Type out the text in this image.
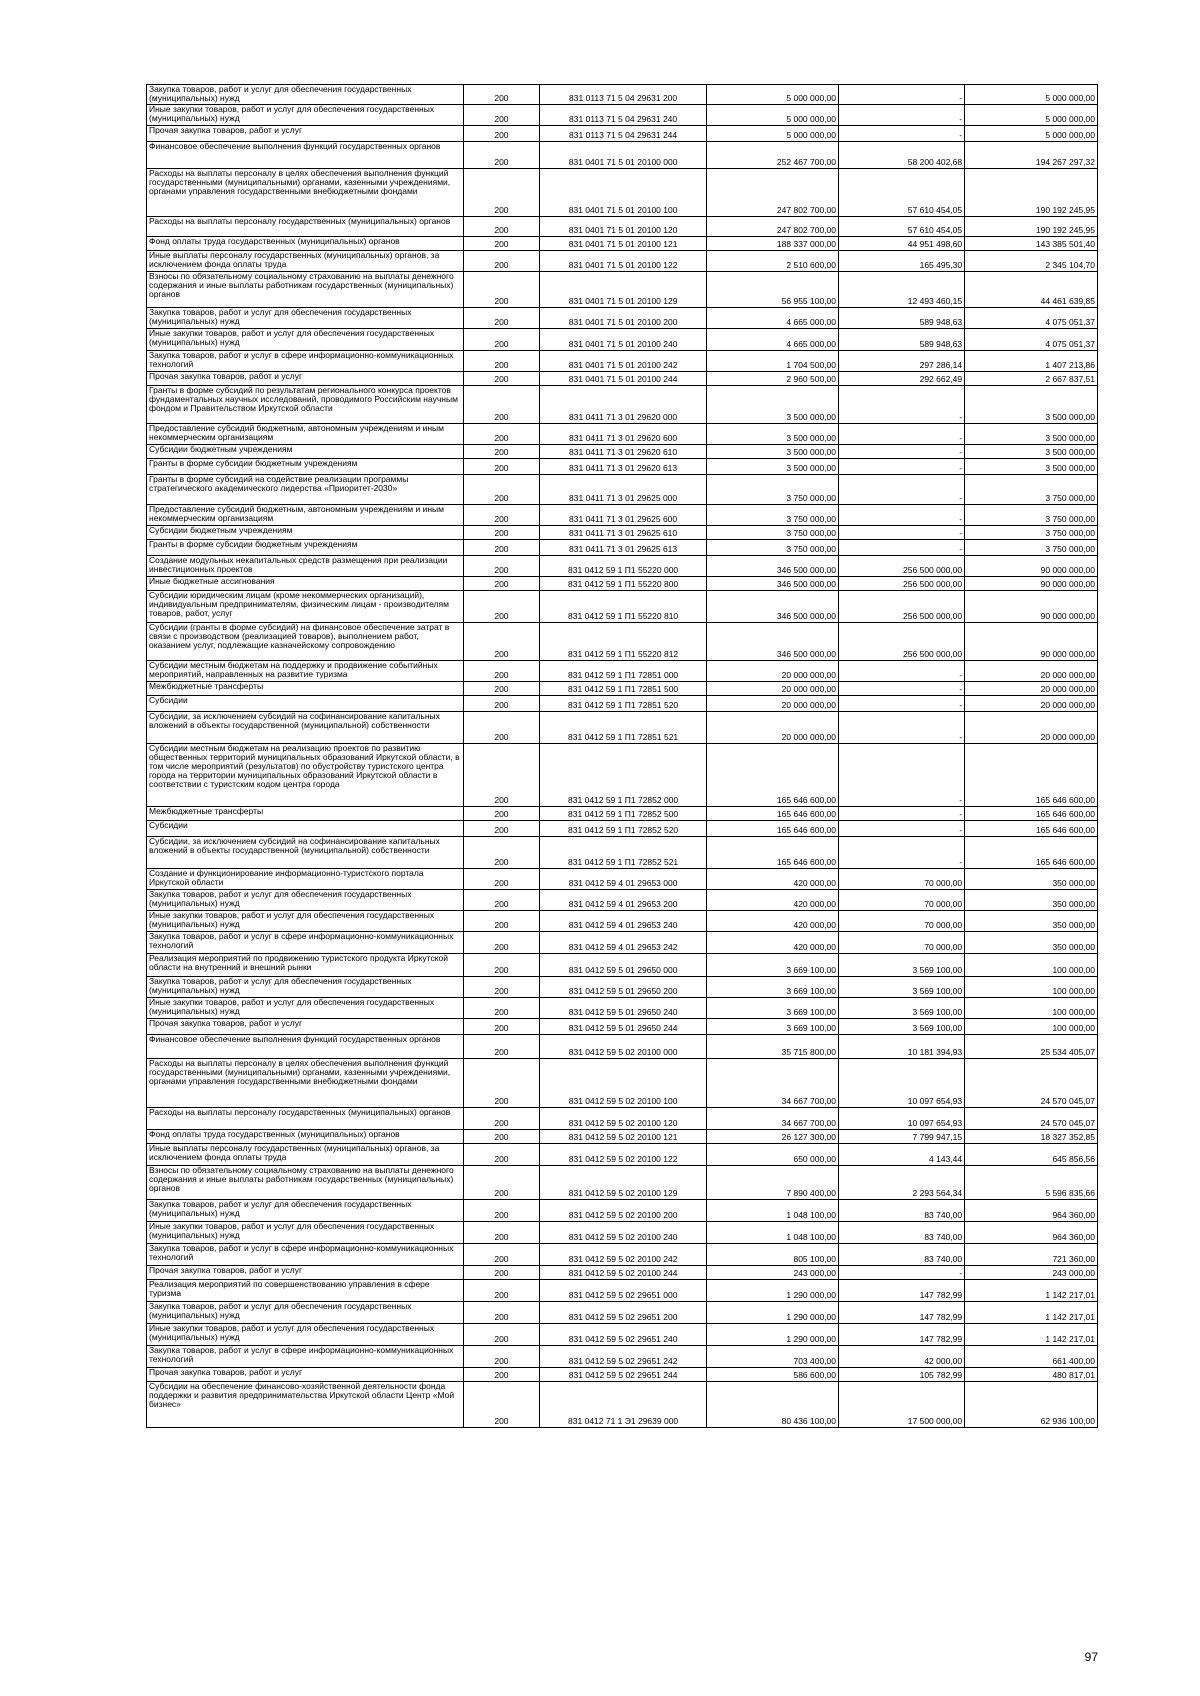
Закупка товаров, работ и услуг для обеспечения государственных (муниципальных) нужд	200	831 0113 71 5 04 29631 200	5 000 000,00	-	5 000 000,00
Иные закупки товаров, работ и услуг для обеспечения государственных (муниципальных) нужд	200	831 0113 71 5 04 29631 240	5 000 000,00	-	5 000 000,00
Прочая закупка товаров, работ и услуг	200	831 0113 71 5 04 29631 244	5 000 000,00	-	5 000 000,00
Финансовое обеспечение выполнения функций государственных органов	200	831 0401 71 5 01 20100 000	252 467 700,00	58 200 402,68	194 267 297,32
Расходы на выплаты персоналу в целях обеспечения выполнения функций государственными (муниципальными) органами, казенными учреждениями, органами управления государственными внебюджетными фондами	200	831 0401 71 5 01 20100 100	247 802 700,00	57 610 454,05	190 192 245,95
Расходы на выплаты персоналу государственных (муниципальных) органов	200	831 0401 71 5 01 20100 120	247 802 700,00	57 610 454,05	190 192 245,95
Фонд оплаты труда государственных (муниципальных) органов	200	831 0401 71 5 01 20100 121	188 337 000,00	44 951 498,60	143 385 501,40
Иные выплаты персоналу государственных (муниципальных) органов, за исключением фонда оплаты труда	200	831 0401 71 5 01 20100 122	2 510 600,00	165 495,30	2 345 104,70
Взносы по обязательному социальному страхованию на выплаты денежного содержания и иные выплаты работникам государственных (муниципальных) органов	200	831 0401 71 5 01 20100 129	56 955 100,00	12 493 460,15	44 461 639,85
Закупка товаров, работ и услуг для обеспечения государственных (муниципальных) нужд	200	831 0401 71 5 01 20100 200	4 665 000,00	589 948,63	4 075 051,37
Иные закупки товаров, работ и услуг для обеспечения государственных (муниципальных) нужд	200	831 0401 71 5 01 20100 240	4 665 000,00	589 948,63	4 075 051,37
Закупка товаров, работ и услуг в сфере информационно-коммуникационных технологий	200	831 0401 71 5 01 20100 242	1 704 500,00	297 286,14	1 407 213,86
Прочая закупка товаров, работ и услуг	200	831 0401 71 5 01 20100 244	2 960 500,00	292 662,49	2 667 837,51
Гранты в форме субсидий по результатам регионального конкурса проектов фундаментальных научных исследований, проводимого Российским научным фондом и Правительством Иркутской области	200	831 0411 71 3 01 29620 000	3 500 000,00	-	3 500 000,00
Предоставление субсидий бюджетным, автономным учреждениям и иным некоммерческим организациям	200	831 0411 71 3 01 29620 600	3 500 000,00	-	3 500 000,00
Субсидии бюджетным учреждениям	200	831 0411 71 3 01 29620 610	3 500 000,00	-	3 500 000,00
Гранты в форме субсидии бюджетным учреждениям	200	831 0411 71 3 01 29620 613	3 500 000,00	-	3 500 000,00
Гранты в форме субсидий на содействие реализации программы стратегического академического лидерства «Приоритет-2030»	200	831 0411 71 3 01 29625 000	3 750 000,00	-	3 750 000,00
Предоставление субсидий бюджетным, автономным учреждениям и иным некоммерческим организациям	200	831 0411 71 3 01 29625 600	3 750 000,00	-	3 750 000,00
Субсидии бюджетным учреждениям	200	831 0411 71 3 01 29625 610	3 750 000,00	-	3 750 000,00
Гранты в форме субсидии бюджетным учреждениям	200	831 0411 71 3 01 29625 613	3 750 000,00	-	3 750 000,00
Создание модульных некапитальных средств размещения при реализации инвестиционных проектов	200	831 0412 59 1 П1 55220 000	346 500 000,00	256 500 000,00	90 000 000,00
Иные бюджетные ассигнования	200	831 0412 59 1 П1 55220 800	346 500 000,00	256 500 000,00	90 000 000,00
Субсидии юридическим лицам (кроме некоммерческих организаций), индивидуальным предпринимателям, физическим лицам - производителям товаров, работ, услуг	200	831 0412 59 1 П1 55220 810	346 500 000,00	256 500 000,00	90 000 000,00
Субсидии (гранты в форме субсидий) на финансовое обеспечение затрат в связи с производством (реализацией товаров), выполнением работ, оказанием услуг, подлежащие казначейскому сопровождению	200	831 0412 59 1 П1 55220 812	346 500 000,00	256 500 000,00	90 000 000,00
Субсидии местным бюджетам на поддержку и продвижение событийных мероприятий, направленных на развитие туризма	200	831 0412 59 1 П1 72851 000	20 000 000,00	-	20 000 000,00
Межбюджетные трансферты	200	831 0412 59 1 П1 72851 500	20 000 000,00	-	20 000 000,00
Субсидии	200	831 0412 59 1 П1 72851 520	20 000 000,00	-	20 000 000,00
Субсидии, за исключением субсидий на софинансирование капитальных вложений в объекты государственной (муниципальной) собственности	200	831 0412 59 1 П1 72851 521	20 000 000,00	-	20 000 000,00
Субсидии местным бюджетам на реализацию проектов по развитию общественных территорий муниципальных образований Иркутской области, в том числе мероприятий (результатов) по обустройству туристского центра города на территории муниципальных образований Иркутской области в соответствии с туристским кодом центра города	200	831 0412 59 1 П1 72852 000	165 646 600,00	-	165 646 600,00
Межбюджетные трансферты	200	831 0412 59 1 П1 72852 500	165 646 600,00	-	165 646 600,00
Субсидии	200	831 0412 59 1 П1 72852 520	165 646 600,00	-	165 646 600,00
Субсидии, за исключением субсидий на софинансирование капитальных вложений в объекты государственной (муниципальной) собственности	200	831 0412 59 1 П1 72852 521	165 646 600,00	-	165 646 600,00
Создание и функционирование информационно-туристского портала Иркутской области	200	831 0412 59 4 01 29653 000	420 000,00	70 000,00	350 000,00
Закупка товаров, работ и услуг для обеспечения государственных (муниципальных) нужд	200	831 0412 59 4 01 29653 200	420 000,00	70 000,00	350 000,00
Иные закупки товаров, работ и услуг для обеспечения государственных (муниципальных) нужд	200	831 0412 59 4 01 29653 240	420 000,00	70 000,00	350 000,00
Закупка товаров, работ и услуг в сфере информационно-коммуникационных технологий	200	831 0412 59 4 01 29653 242	420 000,00	70 000,00	350 000,00
Реализация мероприятий по продвижению туристского продукта Иркутской области на внутренний и внешний рынки	200	831 0412 59 5 01 29650 000	3 669 100,00	3 569 100,00	100 000,00
Закупка товаров, работ и услуг для обеспечения государственных (муниципальных) нужд	200	831 0412 59 5 01 29650 200	3 669 100,00	3 569 100,00	100 000,00
Иные закупки товаров, работ и услуг для обеспечения государственных (муниципальных) нужд	200	831 0412 59 5 01 29650 240	3 669 100,00	3 569 100,00	100 000,00
Прочая закупка товаров, работ и услуг	200	831 0412 59 5 01 29650 244	3 669 100,00	3 569 100,00	100 000,00
Финансовое обеспечение выполнения функций государственных органов	200	831 0412 59 5 02 20100 000	35 715 800,00	10 181 394,93	25 534 405,07
Расходы на выплаты персоналу в целях обеспечения выполнения функций государственными (муниципальными) органами, казенными учреждениями, органами управления государственными внебюджетными фондами	200	831 0412 59 5 02 20100 100	34 667 700,00	10 097 654,93	24 570 045,07
Расходы на выплаты персоналу государственных (муниципальных) органов	200	831 0412 59 5 02 20100 120	34 667 700,00	10 097 654,93	24 570 045,07
Фонд оплаты труда государственных (муниципальных) органов	200	831 0412 59 5 02 20100 121	26 127 300,00	7 799 947,15	18 327 352,85
Иные выплаты персоналу государственных (муниципальных) органов, за исключением фонда оплаты труда	200	831 0412 59 5 02 20100 122	650 000,00	4 143,44	645 856,56
Взносы по обязательному социальному страхованию на выплаты денежного содержания и иные выплаты работникам государственных (муниципальных) органов	200	831 0412 59 5 02 20100 129	7 890 400,00	2 293 564,34	5 596 835,66
Закупка товаров, работ и услуг для обеспечения государственных (муниципальных) нужд	200	831 0412 59 5 02 20100 200	1 048 100,00	83 740,00	964 360,00
Иные закупки товаров, работ и услуг для обеспечения государственных (муниципальных) нужд	200	831 0412 59 5 02 20100 240	1 048 100,00	83 740,00	964 360,00
Закупка товаров, работ и услуг в сфере информационно-коммуникационных технологий	200	831 0412 59 5 02 20100 242	805 100,00	83 740,00	721 360,00
Прочая закупка товаров, работ и услуг	200	831 0412 59 5 02 20100 244	243 000,00	-	243 000,00
Реализация мероприятий по совершенствованию управления в сфере туризма	200	831 0412 59 5 02 29651 000	1 290 000,00	147 782,99	1 142 217,01
Закупка товаров, работ и услуг для обеспечения государственных (муниципальных) нужд	200	831 0412 59 5 02 29651 200	1 290 000,00	147 782,99	1 142 217,01
Иные закупки товаров, работ и услуг для обеспечения государственных (муниципальных) нужд	200	831 0412 59 5 02 29651 240	1 290 000,00	147 782,99	1 142 217,01
Закупка товаров, работ и услуг в сфере информационно-коммуникационных технологий	200	831 0412 59 5 02 29651 242	703 400,00	42 000,00	661 400,00
Прочая закупка товаров, работ и услуг	200	831 0412 59 5 02 29651 244	586 600,00	105 782,99	480 817,01
Субсидии на обеспечение финансово-хозяйственной деятельности фонда поддержки и развития предпринимательства Иркутской области Центр «Мой бизнес»	200	831 0412 71 1 Э1 29639 000	80 436 100,00	17 500 000,00	62 936 100,00
97
